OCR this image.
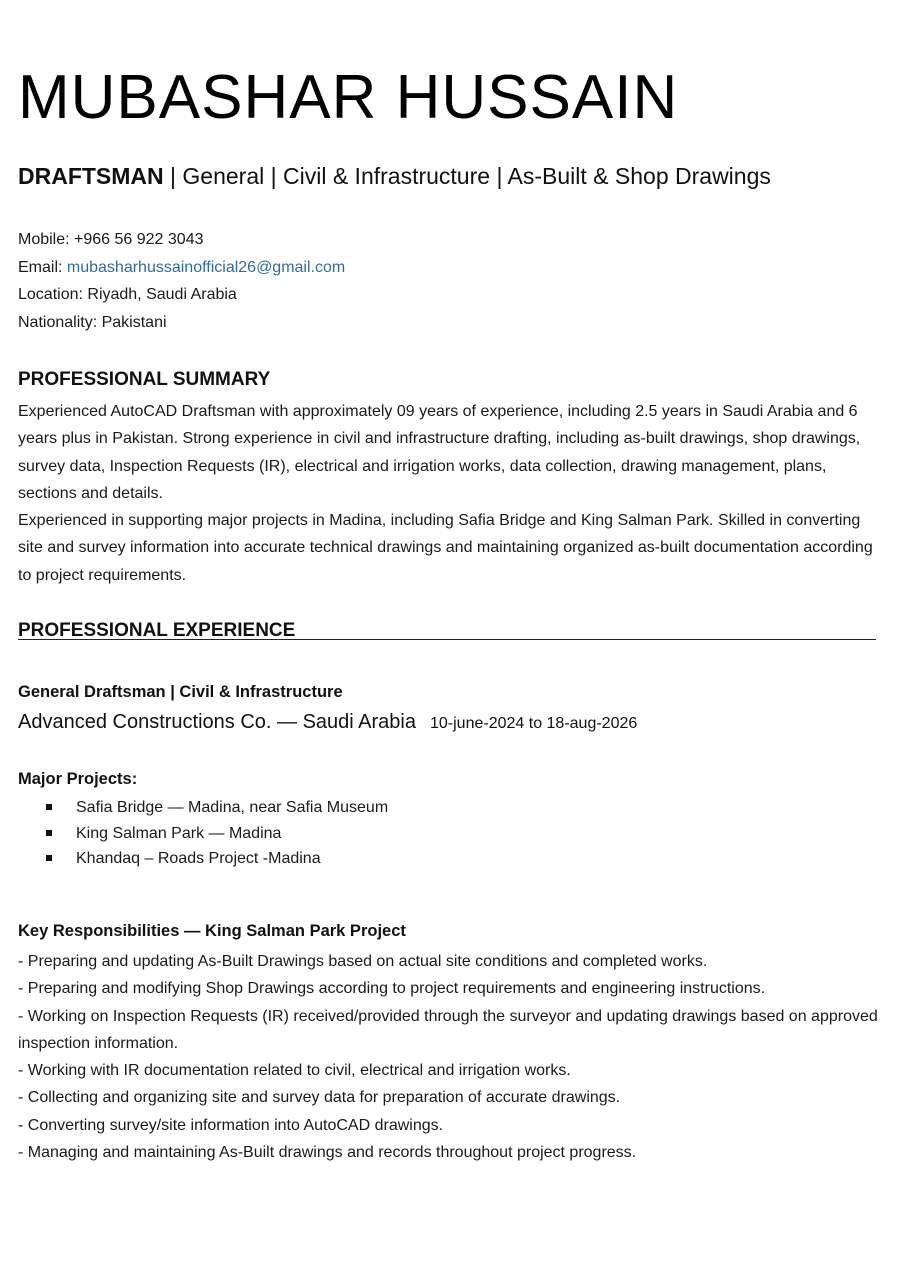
MUBASHAR HUSSAIN
DRAFTSMAN | General | Civil & Infrastructure | As-Built & Shop Drawings
Mobile: +966 56 922 3043
Email: mubasharhussainofficial26@gmail.com
Location: Riyadh, Saudi Arabia
Nationality: Pakistani
PROFESSIONAL SUMMARY

Experienced AutoCAD Draftsman with approximately 09 years of experience, including 2.5 years in Saudi Arabia and 6 years plus in Pakistan. Strong experience in civil and infrastructure drafting, including as-built drawings, shop drawings, survey data, Inspection Requests (IR), electrical and irrigation works, data collection, drawing management, plans, sections and details.

Experienced in supporting major projects in Madina, including Safia Bridge and King Salman Park. Skilled in converting site and survey information into accurate technical drawings and maintaining organized as-built documentation according to project requirements.

PROFESSIONAL EXPERIENCE
General Draftsman | Civil & Infrastructure
Advanced Constructions Co. — Saudi Arabia 10-june-2024 to 18-aug-2026
Major Projects:
Safia Bridge — Madina, near Safia Museum
King Salman Park — Madina
Khandaq – Roads Project -Madina
Key Responsibilities — King Salman Park Project
- Preparing and updating As-Built Drawings based on actual site conditions and completed works.
- Preparing and modifying Shop Drawings according to project requirements and engineering instructions.
- Working on Inspection Requests (IR) received/provided through the surveyor and updating drawings based on approved inspection information.
- Working with IR documentation related to civil, electrical and irrigation works.
- Collecting and organizing site and survey data for preparation of accurate drawings.
- Converting survey/site information into AutoCAD drawings.
- Managing and maintaining As-Built drawings and records throughout project progress.
